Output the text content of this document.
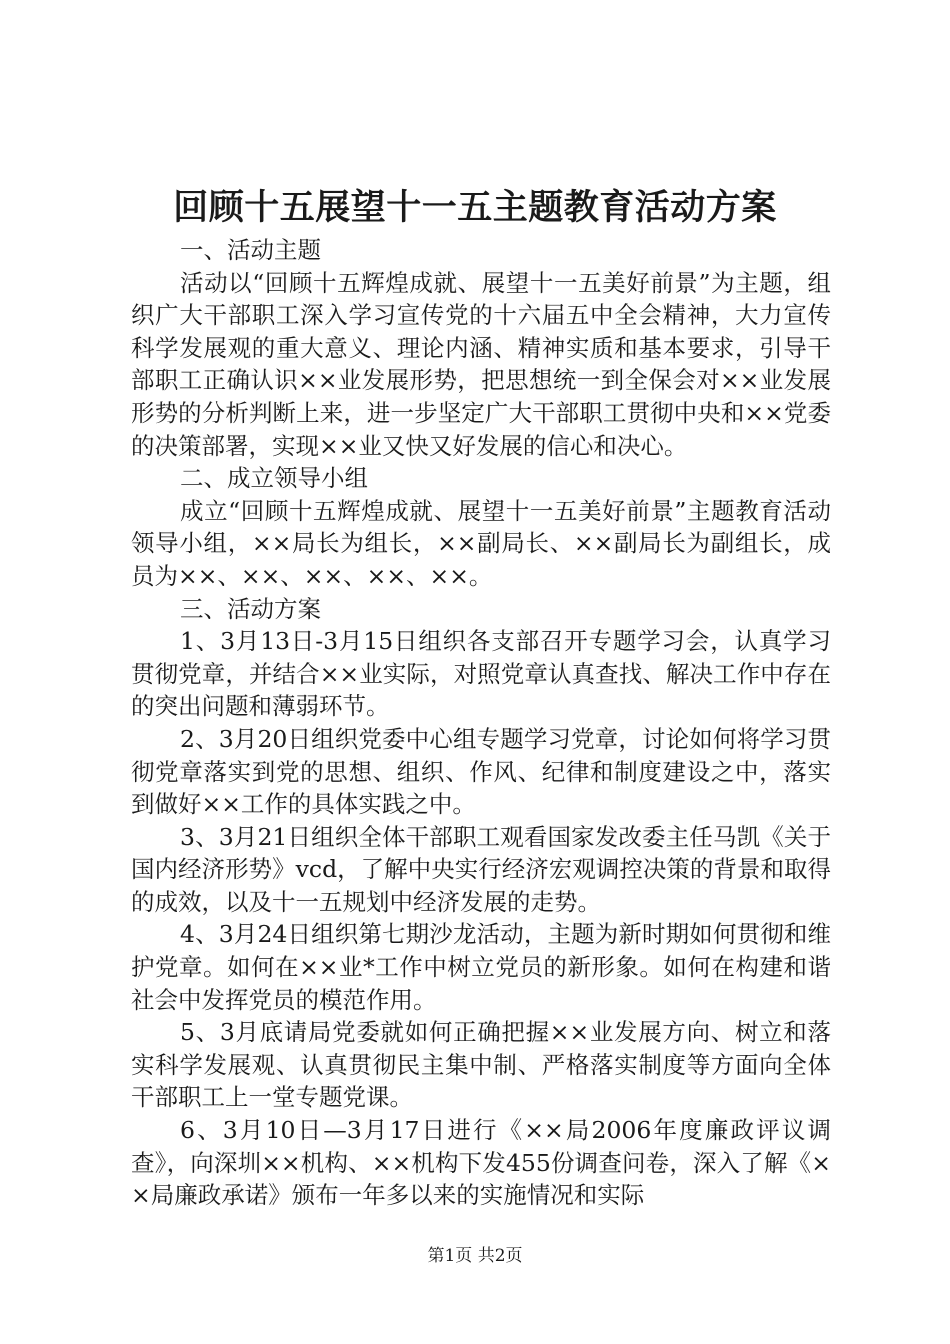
回顾十五展望十一五主题教育活动方案

一、活动主题

活动以“回顾十五辉煌成就、展望十一五美好前景”为主题，组织广大干部职工深入学习宣传党的十六届五中全会精神，大力宣传科学发展观的重大意义、理论内涵、精神实质和基本要求，引导干部职工正确认识××业发展形势，把思想统一到全保会对××业发展形势的分析判断上来，进一步坚定广大干部职工贯彻中央和××党委的决策部署，实现××业又快又好发展的信心和决心。

二、成立领导小组

成立“回顾十五辉煌成就、展望十一五美好前景”主题教育活动领导小组，××局长为组长，××副局长、××副局长为副组长，成员为××、××、××、××、××。

三、活动方案

1、3月13日-3月15日组织各支部召开专题学习会，认真学习贯彻党章，并结合××业实际，对照党章认真查找、解决工作中存在的突出问题和薄弱环节。

2、3月20日组织党委中心组专题学习党章，讨论如何将学习贯彻党章落实到党的思想、组织、作风、纪律和制度建设之中，落实到做好××工作的具体实践之中。

3、3月21日组织全体干部职工观看国家发改委主任马凯《关于国内经济形势》vcd，了解中央实行经济宏观调控决策的背景和取得的成效，以及十一五规划中经济发展的走势。

4、3月24日组织第七期沙龙活动，主题为新时期如何贯彻和维护党章。如何在××业*工作中树立党员的新形象。如何在构建和谐社会中发挥党员的模范作用。

5、3月底请局党委就如何正确把握××业发展方向、树立和落实科学发展观、认真贯彻民主集中制、严格落实制度等方面向全体干部职工上一堂专题党课。

6、3月10日—3月17日进行《××局2006年度廉政评议调查》，向深圳××机构、××机构下发455份调查问卷，深入了解《××局廉政承诺》颁布一年多以来的实施情况和实际

第1页 共2页
